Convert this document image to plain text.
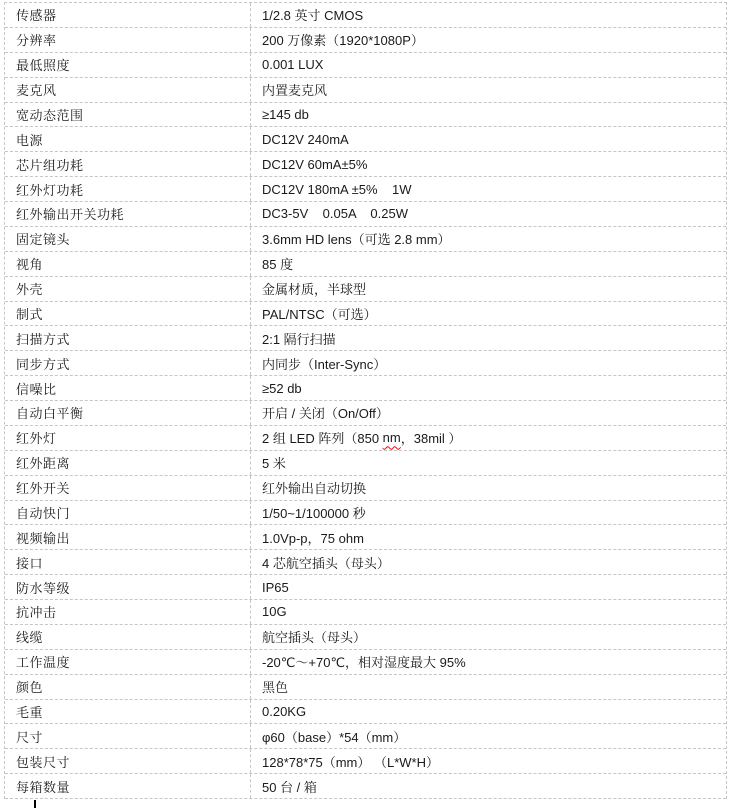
传感器	1/2.8 英寸 CMOS
分辨率	200 万像素（1920*1080P）
最低照度	0.001 LUX
麦克风	内置麦克风
宽动态范围	≥145 db
电源	DC12V 240mA
芯片组功耗	DC12V 60mA±5%
红外灯功耗	DC12V 180mA ±5%    1W
红外输出开关功耗	DC3-5V    0.05A    0.25W
固定镜头	3.6mm HD lens（可选 2.8 mm）
视角	85 度
外壳	金属材质，半球型
制式	PAL/NTSC（可选）
扫描方式	2:1 隔行扫描
同步方式	内同步（Inter-Sync）
信噪比	≥52 db
自动白平衡	开启 / 关闭（On/Off）
红外灯	2 组 LED 阵列（850 nm ，38mil ）
红外距离	5 米
红外开关	红外输出自动切换
自动快门	1/50~1/100000 秒
视频输出	1.0Vp-p，75 ohm
接口	4 芯航空插头（母头）
防水等级	IP65
抗冲击	10G
线缆	航空插头（母头）
工作温度	-20℃～+70℃，相对湿度最大 95%
颜色	黑色
毛重	0.20KG
尺寸	φ60（base）*54（mm）
包装尺寸	128*78*75（mm） （L*W*H）
每箱数量	50 台 / 箱
